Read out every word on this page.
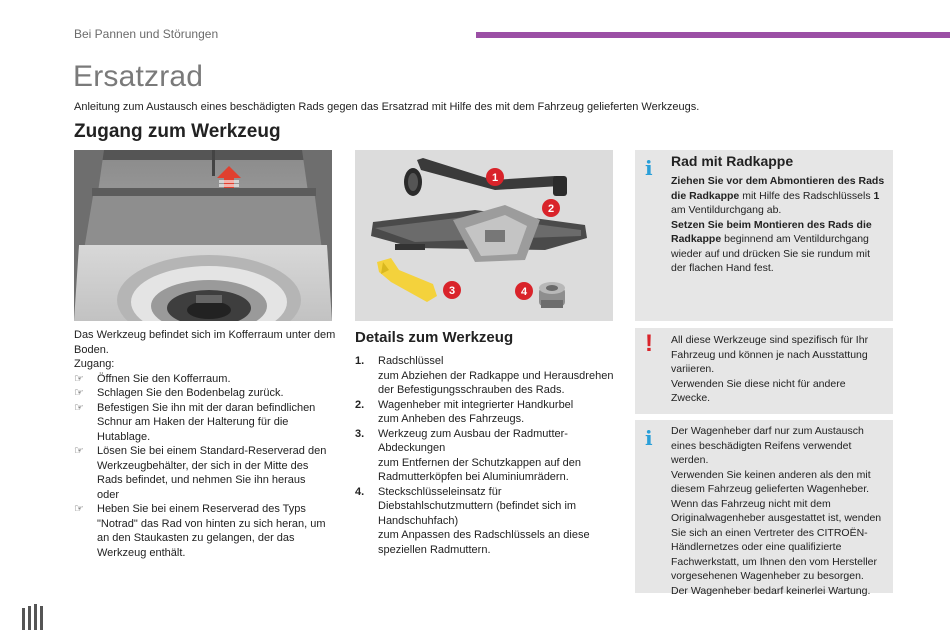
Bei Pannen und Störungen
Ersatzrad
Anleitung zum Austausch eines beschädigten Rads gegen das Ersatzrad mit Hilfe des mit dem Fahrzeug gelieferten Werkzeugs.
Zugang zum Werkzeug
1
2
3	4

Das Werkzeug befindet sich im Kofferraum unter dem Boden.

Zugang:

☞ Öffnen Sie den Kofferraum.
☞ Schlagen Sie den Bodenbelag zurück.
☞ Befestigen Sie ihn mit der daran befindlichen Schnur am Haken der Halterung für die Hutablage.
☞ Lösen Sie bei einem Standard-Reserverad den Werkzeugbehälter, der sich in der Mitte des Rads befindet, und nehmen Sie ihn heraus
oder
☞ Heben Sie bei einem Reserverad des Typs "Notrad" das Rad von hinten zu sich heran, um an den Staukasten zu gelangen, der das Werkzeug enthält.
Details zum Werkzeug
1. Radschlüssel
zum Abziehen der Radkappe und Herausdrehen der Befestigungsschrauben des Rads.
2. Wagenheber mit integrierter Handkurbel
zum Anheben des Fahrzeugs.
3. Werkzeug zum Ausbau der Radmutter-Abdeckungen
zum Entfernen der Schutzkappen auf den Radmutterköpfen bei Aluminiumrädern.
4. Steckschlüsseleinsatz für Diebstahlschutzmuttern (befindet sich im Handschuhfach)
zum Anpassen des Radschlüssels an diese speziellen Radmuttern.
i Rad mit Radkappe
Ziehen Sie vor dem Abmontieren des Rads die Radkappe mit Hilfe des Radschlüssels 1 am Ventildurchgang ab.
Setzen Sie beim Montieren des Rads die Radkappe beginnend am Ventildurchgang wieder auf und drücken Sie sie rundum mit der flachen Hand fest.
! All diese Werkzeuge sind spezifisch für Ihr Fahrzeug und können je nach Ausstattung variieren.
Verwenden Sie diese nicht für andere Zwecke.
i Der Wagenheber darf nur zum Austausch eines beschädigten Reifens verwendet werden.
Verwenden Sie keinen anderen als den mit diesem Fahrzeug gelieferten Wagenheber.
Wenn das Fahrzeug nicht mit dem Originalwagenheber ausgestattet ist, wenden Sie sich an einen Vertreter des CITROËN-Händlernetzes oder eine qualifizierte Fachwerkstatt, um Ihnen den vom Hersteller vorgesehenen Wagenheber zu besorgen.
Der Wagenheber bedarf keinerlei Wartung.
